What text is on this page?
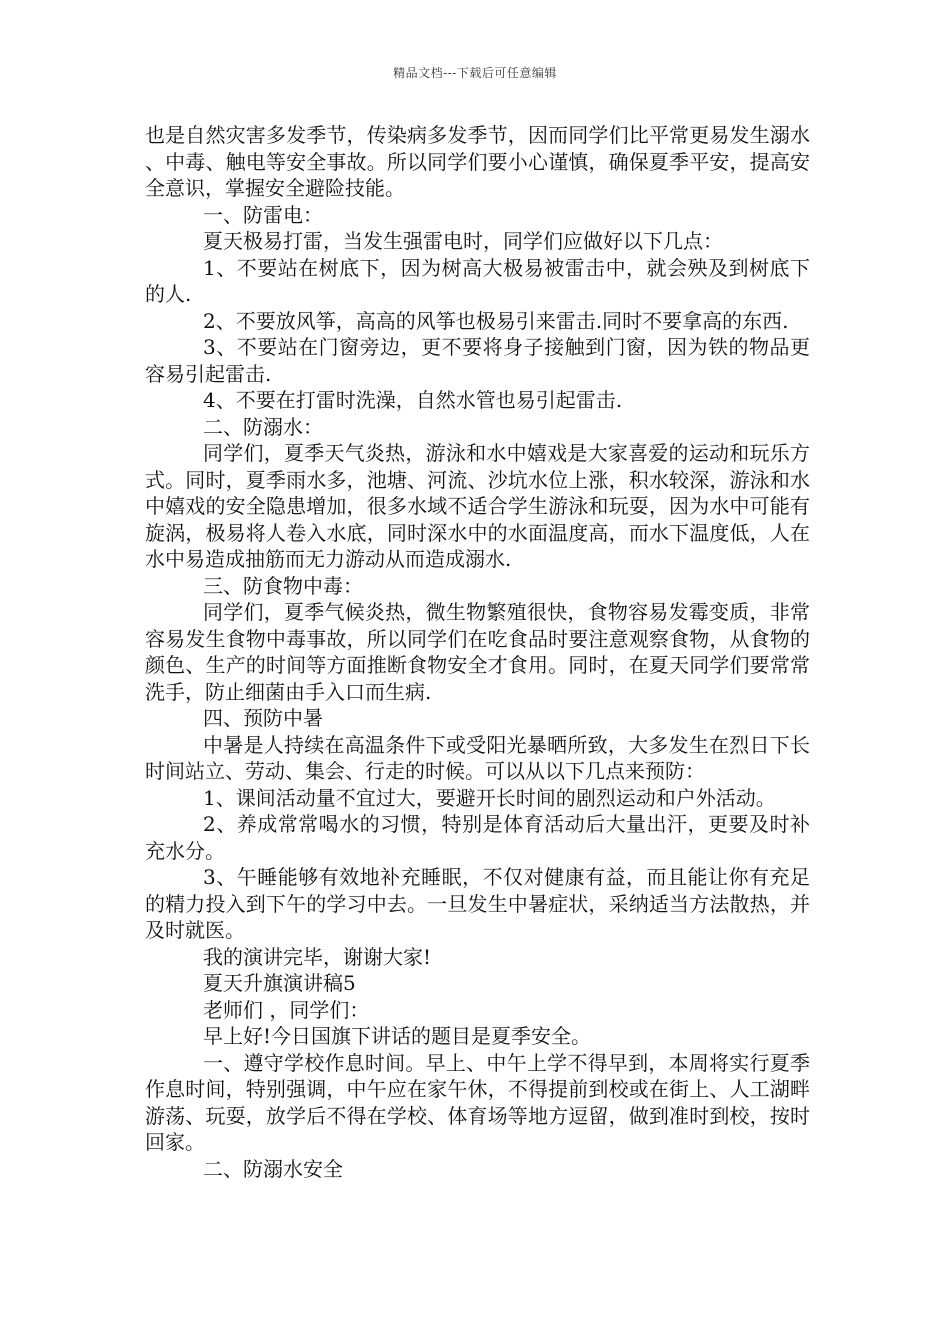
精品文档---下载后可任意编辑

也是自然灾害多发季节，传染病多发季节，因而同学们比平常更易发生溺水、中毒、触电等安全事故。所以同学们要小心谨慎，确保夏季平安，提高安全意识，掌握安全避险技能。

一、防雷电：

夏天极易打雷，当发生强雷电时，同学们应做好以下几点：

1、不要站在树底下，因为树高大极易被雷击中，就会殃及到树底下的人.

2、不要放风筝，高高的风筝也极易引来雷击.同时不要拿高的东西.

3、不要站在门窗旁边，更不要将身子接触到门窗，因为铁的物品更容易引起雷击.

4、不要在打雷时洗澡，自然水管也易引起雷击.

二、防溺水：

同学们，夏季天气炎热，游泳和水中嬉戏是大家喜爱的运动和玩乐方式。同时，夏季雨水多，池塘、河流、沙坑水位上涨，积水较深，游泳和水中嬉戏的安全隐患增加，很多水域不适合学生游泳和玩耍，因为水中可能有旋涡，极易将人卷入水底，同时深水中的水面温度高，而水下温度低，人在水中易造成抽筋而无力游动从而造成溺水.

三、防食物中毒：

同学们，夏季气候炎热，微生物繁殖很快，食物容易发霉变质，非常容易发生食物中毒事故，所以同学们在吃食品时要注意观察食物，从食物的颜色、生产的时间等方面推断食物安全才食用。同时，在夏天同学们要常常洗手，防止细菌由手入口而生病.

四、预防中暑

中暑是人持续在高温条件下或受阳光暴晒所致，大多发生在烈日下长时间站立、劳动、集会、行走的时候。可以从以下几点来预防：

1、课间活动量不宜过大，要避开长时间的剧烈运动和户外活动。

2、养成常常喝水的习惯，特别是体育活动后大量出汗，更要及时补充水分。

3、午睡能够有效地补充睡眠，不仅对健康有益，而且能让你有充足的精力投入到下午的学习中去。一旦发生中暑症状，采纳适当方法散热，并及时就医。

我的演讲完毕，谢谢大家!

夏天升旗演讲稿5

老师们 ，同学们：

早上好!今日国旗下讲话的题目是夏季安全。

一、遵守学校作息时间。早上、中午上学不得早到，本周将实行夏季作息时间，特别强调，中午应在家午休，不得提前到校或在街上、人工湖畔游荡、玩耍，放学后不得在学校、体育场等地方逗留，做到准时到校，按时回家。

二、防溺水安全
